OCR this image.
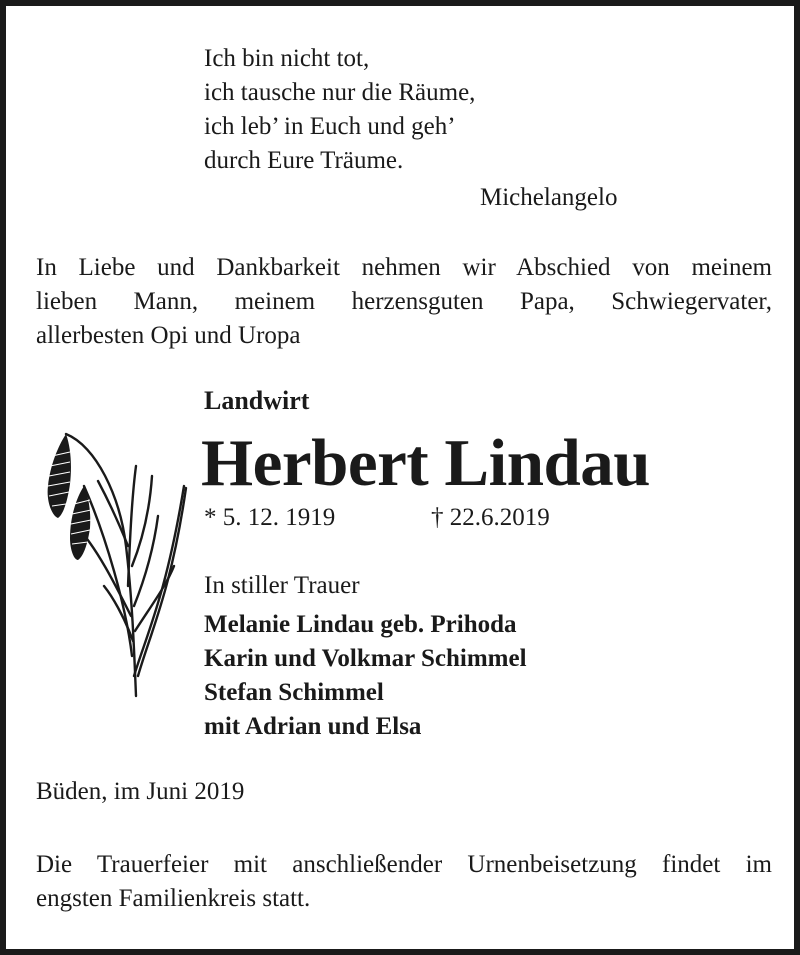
Ich bin nicht tot,
ich tausche nur die Räume,
ich leb’ in Euch und geh’
durch Eure Träume.
Michelangelo
In Liebe und Dankbarkeit nehmen wir Abschied von meinem
lieben Mann, meinem herzensguten Papa, Schwiegervater,
allerbesten Opi und Uropa
Landwirt
Herbert Lindau
* 5. 12. 1919	† 22.6.2019
In stiller Trauer
Melanie Lindau geb. Prihoda
Karin und Volkmar Schimmel
Stefan Schimmel
mit Adrian und Elsa
Büden, im Juni 2019
Die Trauerfeier mit anschließender Urnenbeisetzung findet im
engsten Familienkreis statt.
